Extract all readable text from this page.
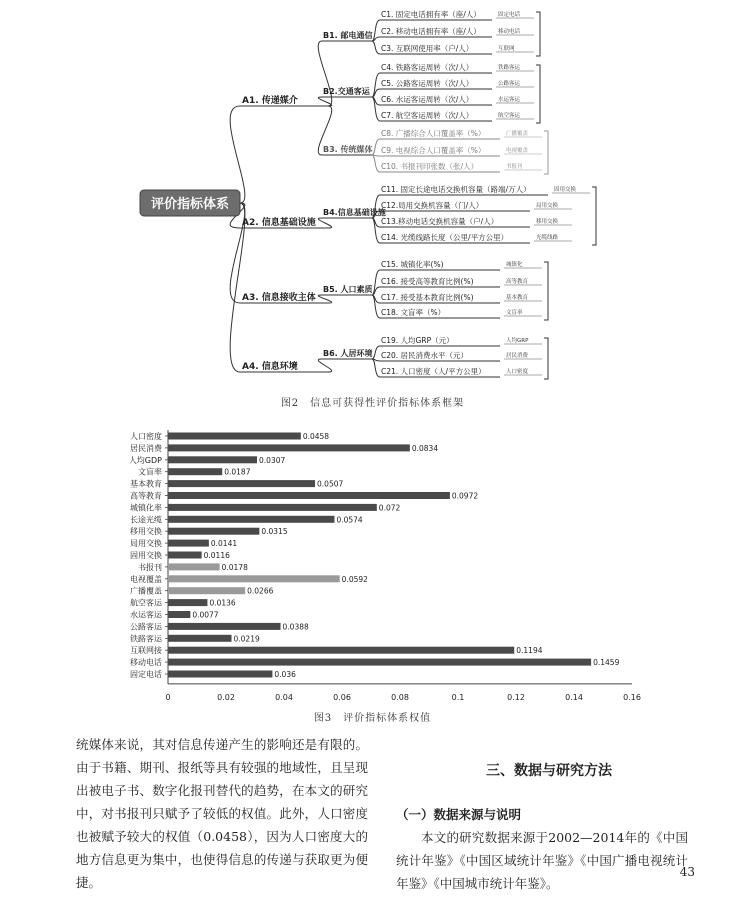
评价指标体系
A1. 传递媒介
B1. 邮电通信
C1. 固定电话拥有率（座/人）	固定电话
C2. 移动电话拥有率（座/人）	移动电话
C3. 互联网使用率（户/人）	互联网
B2.交通客运
C4. 铁路客运周转（次/人）	铁路客运
C5. 公路客运周转（次/人）	公路客运
C6. 水运客运周转（次/人）	水运客运
C7. 航空客运周转（次/人）	航空客运
B3. 传统媒体
C8. 广播综合人口覆盖率（%）	广播覆盖
C9. 电视综合人口覆盖率（%）	电视覆盖
C10. 书报刊印张数（张/人）	书报刊
A2. 信息基础设施
B4.信息基础设施
C11. 固定长途电话交换机容量（路端/万人）	固用交换
C12.局用交换机容量（门/人）	局用交换
C13.移动电话交换机容量（户/人）	移用交换
C14. 光缆线路长度（公里/平方公里）	光缆线路
A3. 信息接收主体
B5. 人口素质
C15. 城镇化率(%)	城镇化
C16. 接受高等教育比例(%)	高等教育
C17. 接受基本教育比例(%)	基本教育
C18. 文盲率（%）	文盲率
A4. 信息环境
B6. 人居环境
C19. 人均GRP（元）	人均GRP
C20. 居民消费水平（元）	居民消费
C21. 人口密度（人/平方公里）	人口密度
图2　信息可获得性评价指标体系框架
人口密度	0.0458
居民消费	0.0834
人均GDP	0.0307
文盲率	0.0187
基本教育	0.0507
高等教育	0.0972
城镇化率	0.072
长途光缆	0.0574
移用交换	0.0315
局用交换	0.0141
固用交换	0.0116
书报刊	0.0178
电视覆盖	0.0592
广播覆盖	0.0266
航空客运	0.0136
水运客运	0.0077
公路客运	0.0388
铁路客运	0.0219
互联网接	0.1194
移动电话	0.1459
固定电话	0.036
0	0.02	0.04	0.06	0.08	0.1	0.12	0.14	0.16
图3　评价指标体系权值

统媒体来说，其对信息传递产生的影响还是有限的。由于书籍、期刊、报纸等具有较强的地域性，且呈现出被电子书、数字化报刊替代的趋势，在本文的研究中，对书报刊只赋予了较低的权值。此外，人口密度也被赋予较大的权值（0.0458），因为人口密度大的地方信息更为集中，也使得信息的传递与获取更为便捷。

三、数据与研究方法
（一）数据来源与说明

本文的研究数据来源于2002—2014年的《中国统计年鉴》《中国区域统计年鉴》《中国广播电视统计年鉴》《中国城市统计年鉴》。

43
